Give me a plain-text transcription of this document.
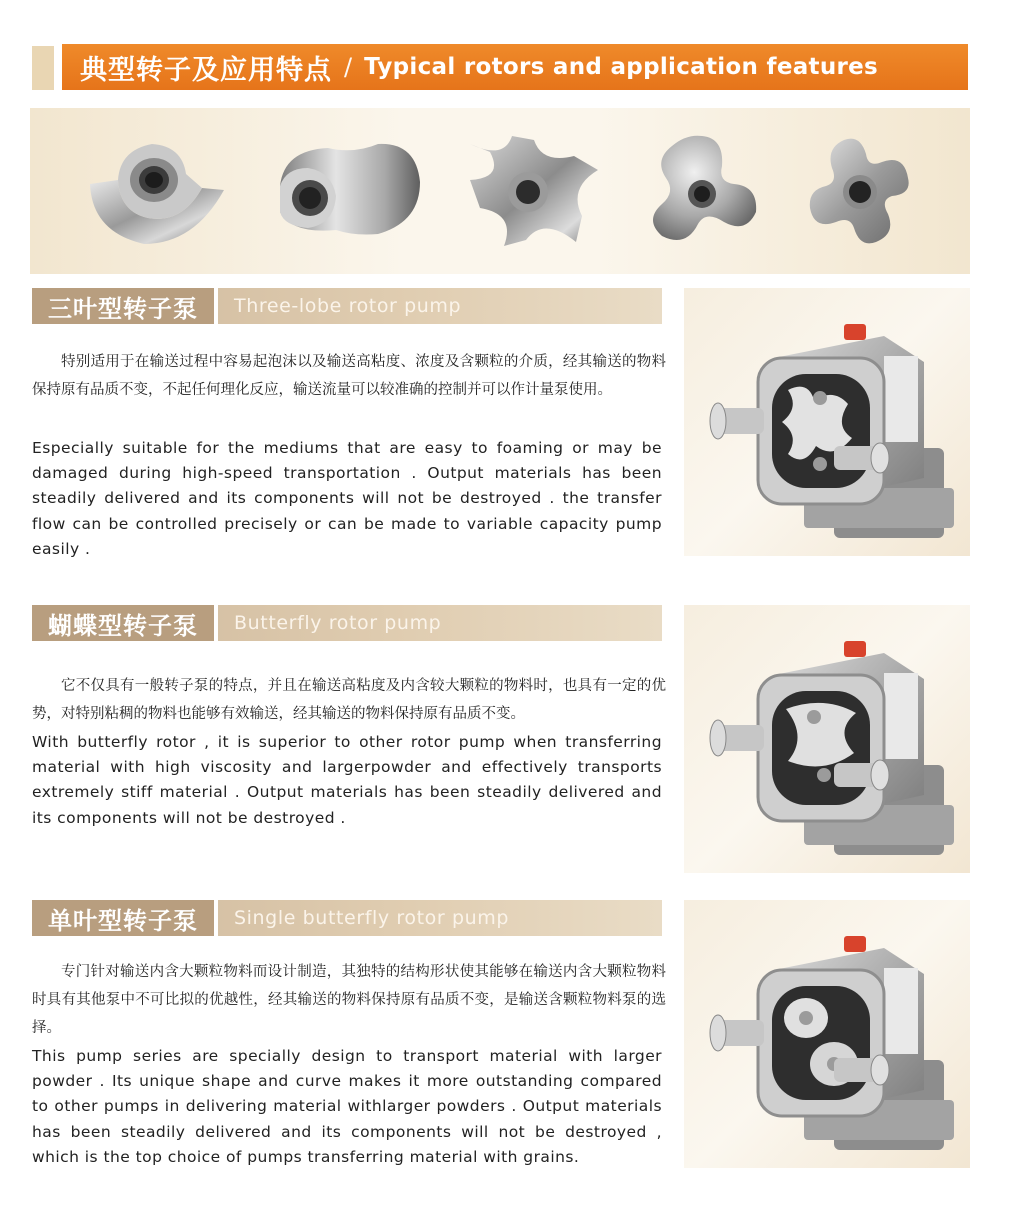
典型转子及应用特点 / Typical rotors and application features
三叶型转子泵	Three-lobe rotor pump
特别适用于在输送过程中容易起泡沫以及输送高粘度、浓度及含颗粒的介质，经其输送的物料保持原有品质不变，不起任何理化反应，输送流量可以较准确的控制并可以作计量泵使用。
Especially suitable for the mediums that are easy to foaming or may be damaged during high-speed transportation . Output materials has been steadily delivered and its components will not be destroyed . the transfer flow can be controlled precisely or can be made to variable capacity pump easily .
蝴蝶型转子泵	Butterfly rotor pump
它不仅具有一般转子泵的特点，并且在输送高粘度及内含较大颗粒的物料时，也具有一定的优势，对特别粘稠的物料也能够有效输送，经其输送的物料保持原有品质不变。
With butterfly rotor , it is superior to other rotor pump when transferring material with high viscosity and largerpowder and effectively transports extremely stiff material . Output materials has been steadily delivered and its components will not be destroyed .
单叶型转子泵	Single butterfly rotor pump
专门针对输送内含大颗粒物料而设计制造，其独特的结构形状使其能够在输送内含大颗粒物料时具有其他泵中不可比拟的优越性，经其输送的物料保持原有品质不变，是输送含颗粒物料泵的选择。
This pump series are specially design to transport material with larger powder . Its unique shape and curve makes it more outstanding compared to other pumps in delivering material withlarger powders . Output materials has been steadily delivered and its components will not be destroyed , which is the top choice of pumps transferring material with grains.
